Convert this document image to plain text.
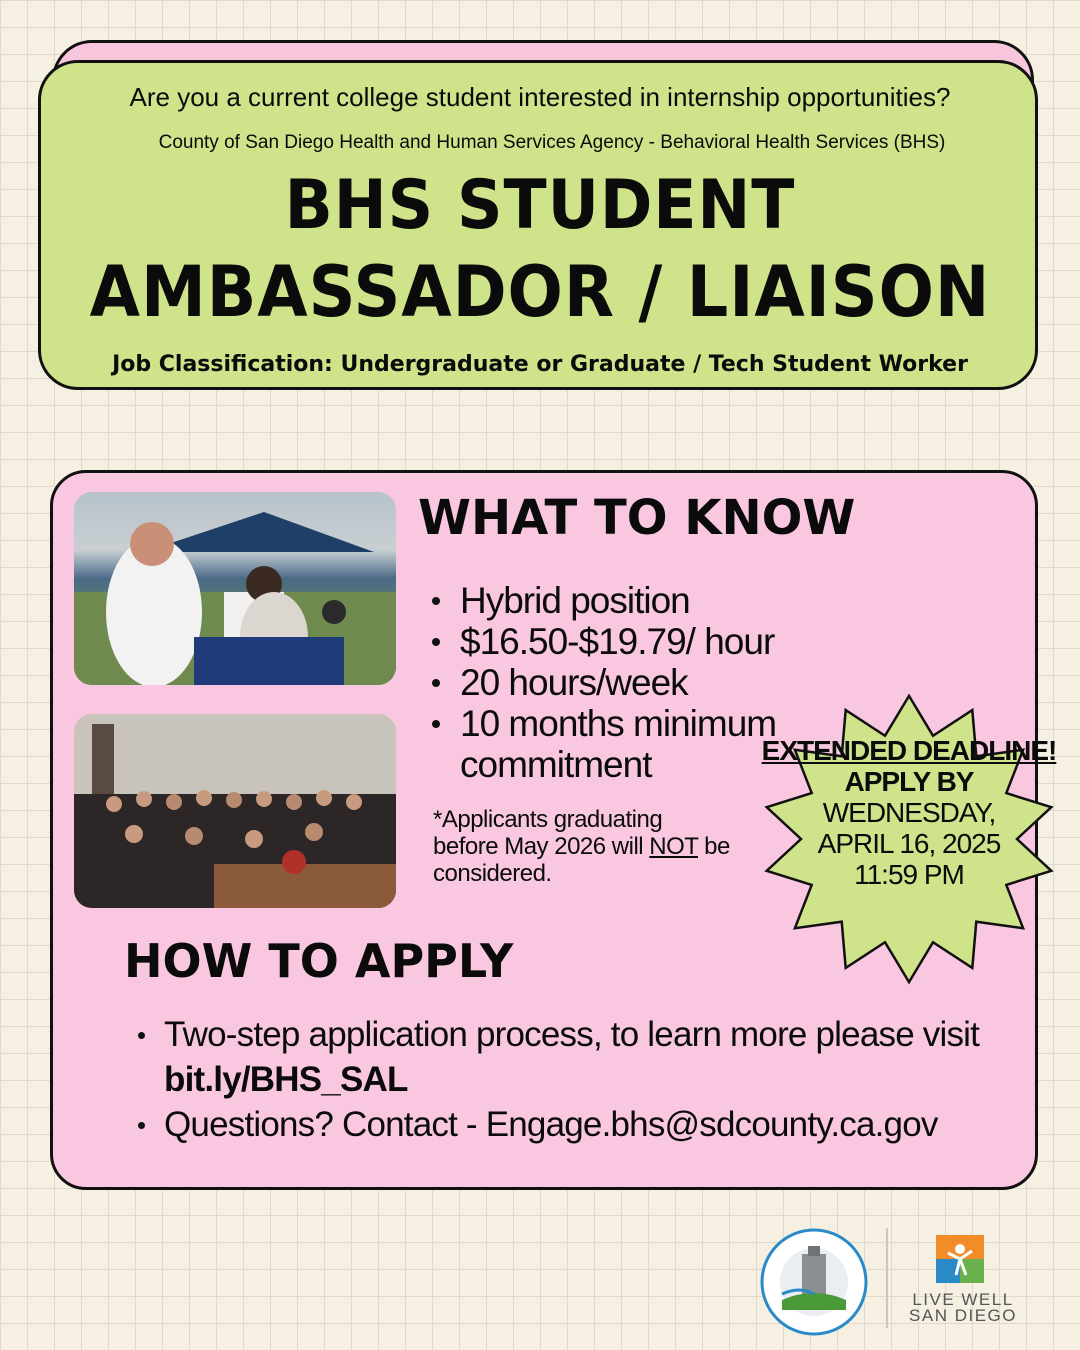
Are you a current college student interested in internship opportunities?
County of San Diego Health and Human Services Agency - Behavioral Health Services (BHS)
BHS STUDENT
AMBASSADOR / LIAISON
Job Classification: Undergraduate or Graduate / Tech Student Worker
WHAT TO KNOW
Hybrid position
$16.50-$19.79/ hour
20 hours/week
10 months minimum commitment
*Applicants graduating before May 2026 will NOT be considered.
EXTENDED DEADLINE!
APPLY BY
WEDNESDAY,
APRIL 16, 2025
11:59 PM
HOW TO APPLY
Two-step application process, to learn more please visit
bit.ly/BHS_SAL
Questions? Contact - Engage.bhs@sdcounty.ca.gov
LIVE WELL
SAN DIEGO
